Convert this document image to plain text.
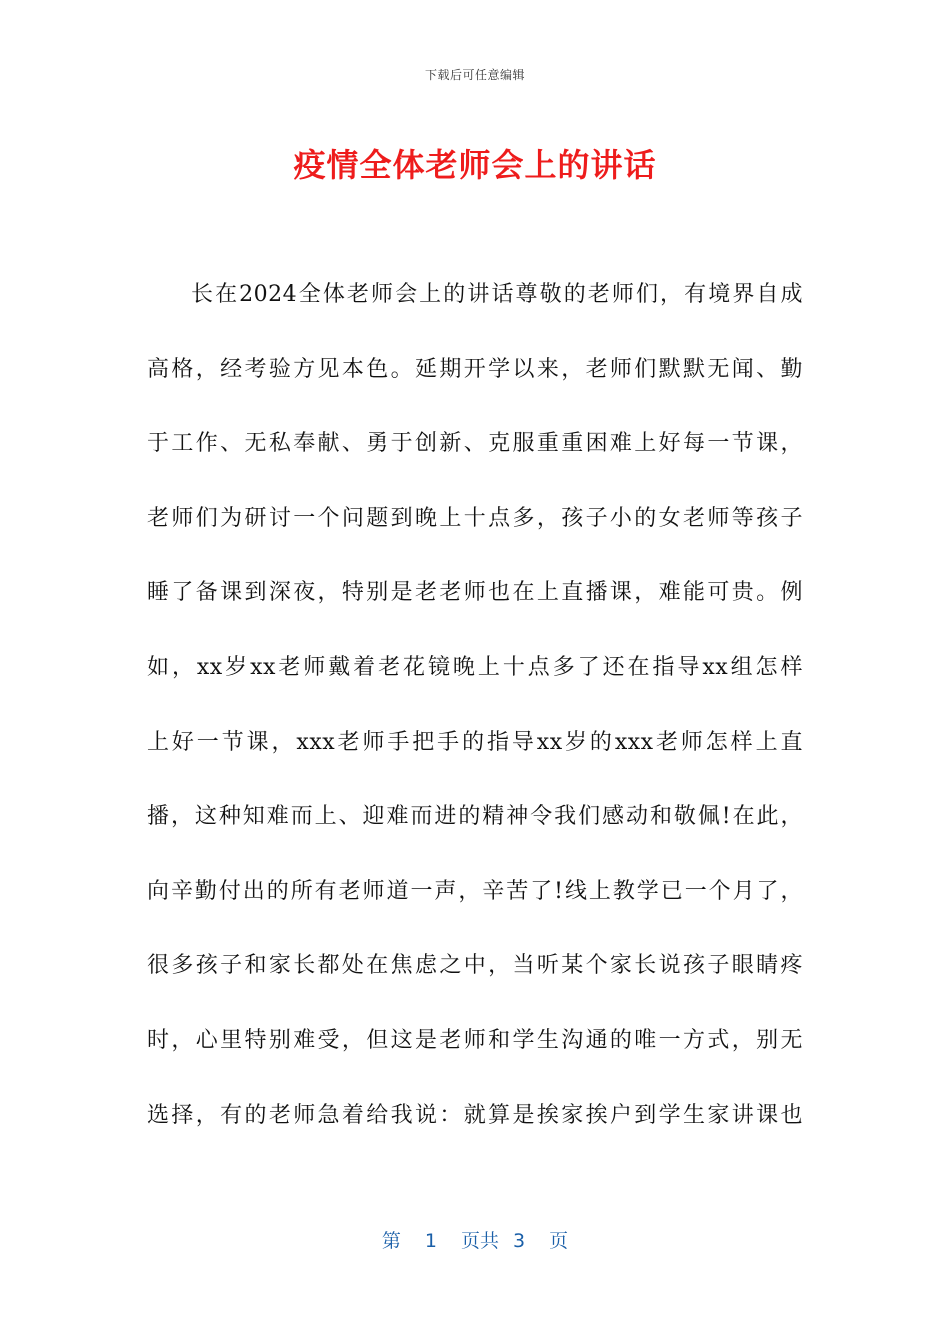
下载后可任意编辑
疫情全体老师会上的讲话
长在2024全体老师会上的讲话尊敬的老师们，有境界自成
高格，经考验方见本色。延期开学以来，老师们默默无闻、勤
于工作、无私奉献、勇于创新、克服重重困难上好每一节课，
老师们为研讨一个问题到晚上十点多，孩子小的女老师等孩子
睡了备课到深夜，特别是老老师也在上直播课，难能可贵。例
如，xx岁xx老师戴着老花镜晚上十点多了还在指导xx组怎样
上好一节课，xxx老师手把手的指导xx岁的xxx老师怎样上直
播，这种知难而上、迎难而进的精神令我们感动和敬佩!在此，
向辛勤付出的所有老师道一声，辛苦了!线上教学已一个月了，
很多孩子和家长都处在焦虑之中，当听某个家长说孩子眼睛疼
时，心里特别难受，但这是老师和学生沟通的唯一方式，别无
选择，有的老师急着给我说：就算是挨家挨户到学生家讲课也
第 1 页共 3 页
